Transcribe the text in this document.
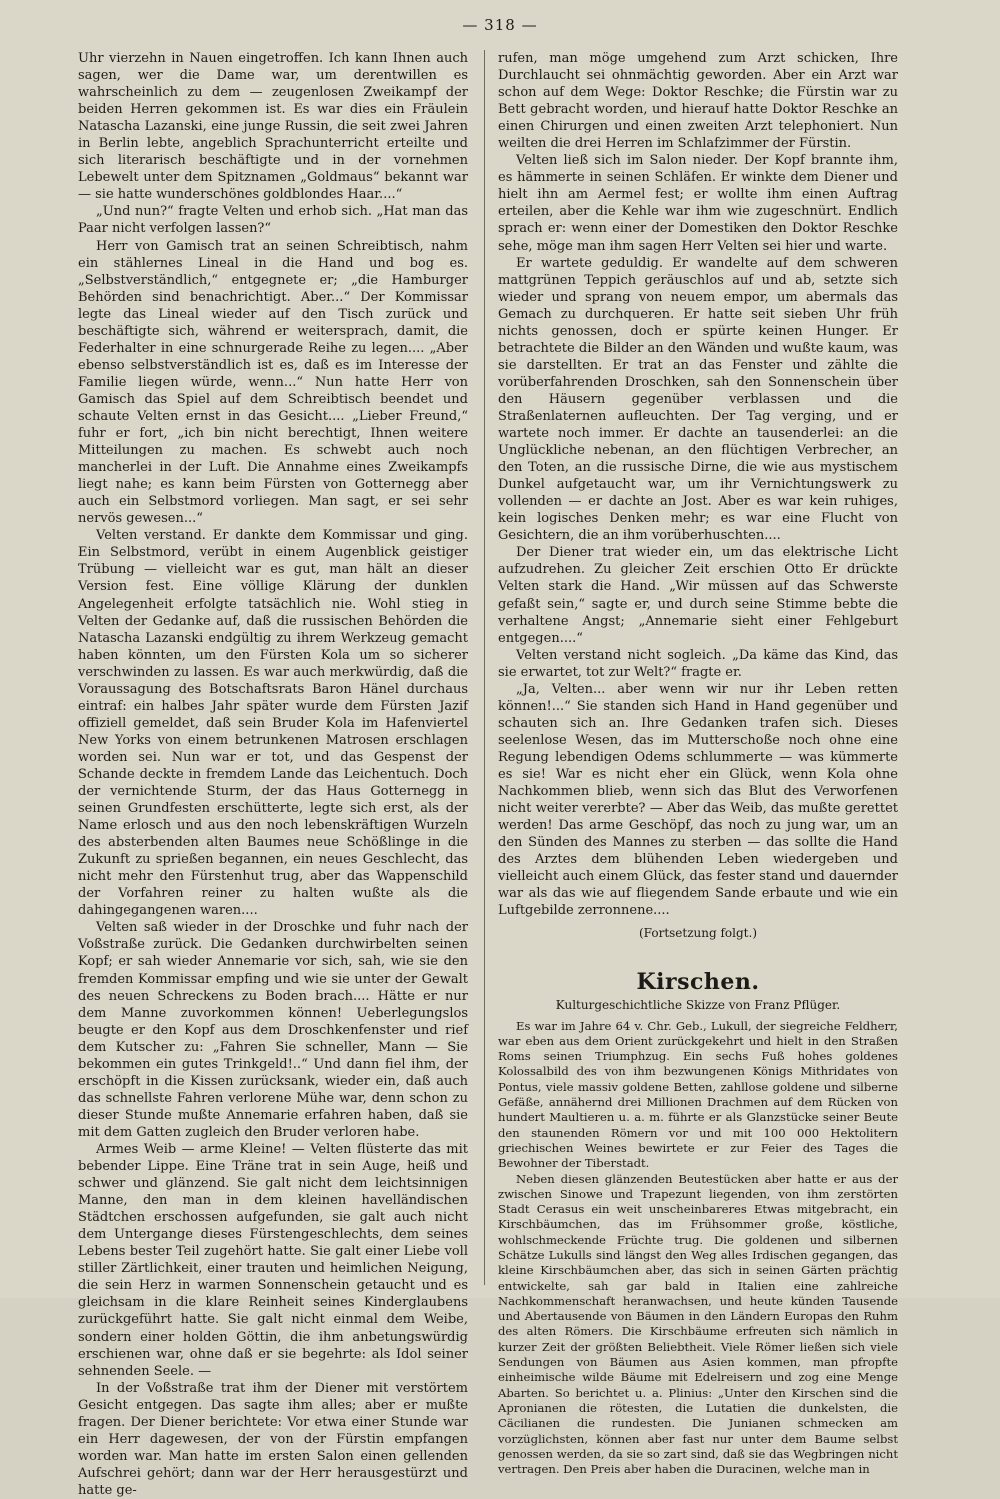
— 318 —

Uhr vierzehn in Nauen eingetroffen. Ich kann Ihnen auch sagen, wer die Dame war, um derentwillen es wahrscheinlich zu dem — zeugenlosen Zweikampf der beiden Herren gekommen ist. Es war dies ein Fräulein Natascha Lazanski, eine junge Russin, die seit zwei Jahren in Berlin lebte, angeblich Sprachunterricht erteilte und sich literarisch beschäftigte und in der vornehmen Lebewelt unter dem Spitznamen „Goldmaus“ bekannt war — sie hatte wunderschönes goldblondes Haar....“

„Und nun?“ fragte Velten und erhob sich. „Hat man das Paar nicht verfolgen lassen?“

Herr von Gamisch trat an seinen Schreibtisch, nahm ein stählernes Lineal in die Hand und bog es. „Selbstverständlich,“ entgegnete er; „die Hamburger Behörden sind benachrichtigt. Aber...“ Der Kommissar legte das Lineal wieder auf den Tisch zurück und beschäftigte sich, während er weitersprach, damit, die Federhalter in eine schnurgerade Reihe zu legen.... „Aber ebenso selbstverständlich ist es, daß es im Interesse der Familie liegen würde, wenn...“ Nun hatte Herr von Gamisch das Spiel auf dem Schreibtisch beendet und schaute Velten ernst in das Gesicht.... „Lieber Freund,“ fuhr er fort, „ich bin nicht berechtigt, Ihnen weitere Mitteilungen zu machen. Es schwebt auch noch mancherlei in der Luft. Die Annahme eines Zweikampfs liegt nahe; es kann beim Fürsten von Gotternegg aber auch ein Selbstmord vorliegen. Man sagt, er sei sehr nervös gewesen...“

Velten verstand. Er dankte dem Kommissar und ging. Ein Selbstmord, verübt in einem Augenblick geistiger Trübung — vielleicht war es gut, man hält an dieser Version fest. Eine völlige Klärung der dunklen Angelegenheit erfolgte tatsächlich nie. Wohl stieg in Velten der Gedanke auf, daß die russischen Behörden die Natascha Lazanski endgültig zu ihrem Werkzeug gemacht haben könnten, um den Fürsten Kola um so sicherer verschwinden zu lassen. Es war auch merkwürdig, daß die Voraussagung des Botschaftsrats Baron Hänel durchaus eintraf: ein halbes Jahr später wurde dem Fürsten Jazif offiziell gemeldet, daß sein Bruder Kola im Hafenviertel New Yorks von einem betrunkenen Matrosen erschlagen worden sei. Nun war er tot, und das Gespenst der Schande deckte in fremdem Lande das Leichentuch. Doch der vernichtende Sturm, der das Haus Gotternegg in seinen Grundfesten erschütterte, legte sich erst, als der Name erlosch und aus den noch lebenskräftigen Wurzeln des absterbenden alten Baumes neue Schößlinge in die Zukunft zu sprießen begannen, ein neues Geschlecht, das nicht mehr den Fürstenhut trug, aber das Wappenschild der Vorfahren reiner zu halten wußte als die dahingegangenen waren....

Velten saß wieder in der Droschke und fuhr nach der Voßstraße zurück. Die Gedanken durchwirbelten seinen Kopf; er sah wieder Annemarie vor sich, sah, wie sie den fremden Kommissar empfing und wie sie unter der Gewalt des neuen Schreckens zu Boden brach.... Hätte er nur dem Manne zuvorkommen können! Ueberlegungslos beugte er den Kopf aus dem Droschkenfenster und rief dem Kutscher zu: „Fahren Sie schneller, Mann — Sie bekommen ein gutes Trinkgeld!..“ Und dann fiel ihm, der erschöpft in die Kissen zurücksank, wieder ein, daß auch das schnellste Fahren verlorene Mühe war, denn schon zu dieser Stunde mußte Annemarie erfahren haben, daß sie mit dem Gatten zugleich den Bruder verloren habe.

Armes Weib — arme Kleine! — Velten flüsterte das mit bebender Lippe. Eine Träne trat in sein Auge, heiß und schwer und glänzend. Sie galt nicht dem leichtsinnigen Manne, den man in dem kleinen havelländischen Städtchen erschossen aufgefunden, sie galt auch nicht dem Untergange dieses Fürstengeschlechts, dem seines Lebens bester Teil zugehört hatte. Sie galt einer Liebe voll stiller Zärtlichkeit, einer trauten und heimlichen Neigung, die sein Herz in warmen Sonnenschein getaucht und es gleichsam in die klare Reinheit seines Kinderglaubens zurückgeführt hatte. Sie galt nicht einmal dem Weibe, sondern einer holden Göttin, die ihm anbetungswürdig erschienen war, ohne daß er sie begehrte: als Idol seiner sehnenden Seele. —

In der Voßstraße trat ihm der Diener mit verstörtem Gesicht entgegen. Das sagte ihm alles; aber er mußte fragen. Der Diener berichtete: Vor etwa einer Stunde war ein Herr dagewesen, der von der Fürstin empfangen worden war. Man hatte im ersten Salon einen gellenden Aufschrei gehört; dann war der Herr herausgestürzt und hatte ge-

rufen, man möge umgehend zum Arzt schicken, Ihre Durchlaucht sei ohnmächtig geworden. Aber ein Arzt war schon auf dem Wege: Doktor Reschke; die Fürstin war zu Bett gebracht worden, und hierauf hatte Doktor Reschke an einen Chirurgen und einen zweiten Arzt telephoniert. Nun weilten die drei Herren im Schlafzimmer der Fürstin.

Velten ließ sich im Salon nieder. Der Kopf brannte ihm, es hämmerte in seinen Schläfen. Er winkte dem Diener und hielt ihn am Aermel fest; er wollte ihm einen Auftrag erteilen, aber die Kehle war ihm wie zugeschnürt. Endlich sprach er: wenn einer der Domestiken den Doktor Reschke sehe, möge man ihm sagen Herr Velten sei hier und warte.

Er wartete geduldig. Er wandelte auf dem schweren mattgrünen Teppich geräuschlos auf und ab, setzte sich wieder und sprang von neuem empor, um abermals das Gemach zu durchqueren. Er hatte seit sieben Uhr früh nichts genossen, doch er spürte keinen Hunger. Er betrachtete die Bilder an den Wänden und wußte kaum, was sie darstellten. Er trat an das Fenster und zählte die vorüberfahrenden Droschken, sah den Sonnenschein über den Häusern gegenüber verblassen und die Straßenlaternen aufleuchten. Der Tag verging, und er wartete noch immer. Er dachte an tausenderlei: an die Unglückliche nebenan, an den flüchtigen Verbrecher, an den Toten, an die russische Dirne, die wie aus mystischem Dunkel aufgetaucht war, um ihr Vernichtungswerk zu vollenden — er dachte an Jost. Aber es war kein ruhiges, kein logisches Denken mehr; es war eine Flucht von Gesichtern, die an ihm vorüberhuschten....

Der Diener trat wieder ein, um das elektrische Licht aufzudrehen. Zu gleicher Zeit erschien Otto Er drückte Velten stark die Hand. „Wir müssen auf das Schwerste gefaßt sein,“ sagte er, und durch seine Stimme bebte die verhaltene Angst; „Annemarie sieht einer Fehlgeburt entgegen....“

Velten verstand nicht sogleich. „Da käme das Kind, das sie erwartet, tot zur Welt?“ fragte er.

„Ja, Velten... aber wenn wir nur ihr Leben retten können!...“ Sie standen sich Hand in Hand gegenüber und schauten sich an. Ihre Gedanken trafen sich. Dieses seelenlose Wesen, das im Mutterschoße noch ohne eine Regung lebendigen Odems schlummerte — was kümmerte es sie! War es nicht eher ein Glück, wenn Kola ohne Nachkommen blieb, wenn sich das Blut des Verworfenen nicht weiter vererbte? — Aber das Weib, das mußte gerettet werden! Das arme Geschöpf, das noch zu jung war, um an den Sünden des Mannes zu sterben — das sollte die Hand des Arztes dem blühenden Leben wiedergeben und vielleicht auch einem Glück, das fester stand und dauernder war als das wie auf fliegendem Sande erbaute und wie ein Luftgebilde zerronnene....

(Fortsetzung folgt.)

Kirschen.
Kulturgeschichtliche Skizze von Franz Pflüger.

Es war im Jahre 64 v. Chr. Geb., Lukull, der siegreiche Feldherr, war eben aus dem Orient zurückgekehrt und hielt in den Straßen Roms seinen Triumphzug. Ein sechs Fuß hohes goldenes Kolossalbild des von ihm bezwungenen Königs Mithridates von Pontus, viele massiv goldene Betten, zahllose goldene und silberne Gefäße, annähernd drei Millionen Drachmen auf dem Rücken von hundert Maultieren u. a. m. führte er als Glanzstücke seiner Beute den staunenden Römern vor und mit 100 000 Hektolitern griechischen Weines bewirtete er zur Feier des Tages die Bewohner der Tiberstadt.

Neben diesen glänzenden Beutestücken aber hatte er aus der zwischen Sinowe und Trapezunt liegenden, von ihm zerstörten Stadt Cerasus ein weit unscheinbareres Etwas mitgebracht, ein Kirschbäumchen, das im Frühsommer große, köstliche, wohlschmeckende Früchte trug. Die goldenen und silbernen Schätze Lukulls sind längst den Weg alles Irdischen gegangen, das kleine Kirschbäumchen aber, das sich in seinen Gärten prächtig entwickelte, sah gar bald in Italien eine zahlreiche Nachkommenschaft heranwachsen, und heute künden Tausende und Abertausende von Bäumen in den Ländern Europas den Ruhm des alten Römers. Die Kirschbäume erfreuten sich nämlich in kurzer Zeit der größten Beliebtheit. Viele Römer ließen sich viele Sendungen von Bäumen aus Asien kommen, man pfropfte einheimische wilde Bäume mit Edelreisern und zog eine Menge Abarten. So berichtet u. a. Plinius: „Unter den Kirschen sind die Apronianen die rötesten, die Lutatien die dunkelsten, die Cäcilianen die rundesten. Die Junianen schmecken am vorzüglichsten, können aber fast nur unter dem Baume selbst genossen werden, da sie so zart sind, daß sie das Wegbringen nicht vertragen. Den Preis aber haben die Duracinen, welche man in
